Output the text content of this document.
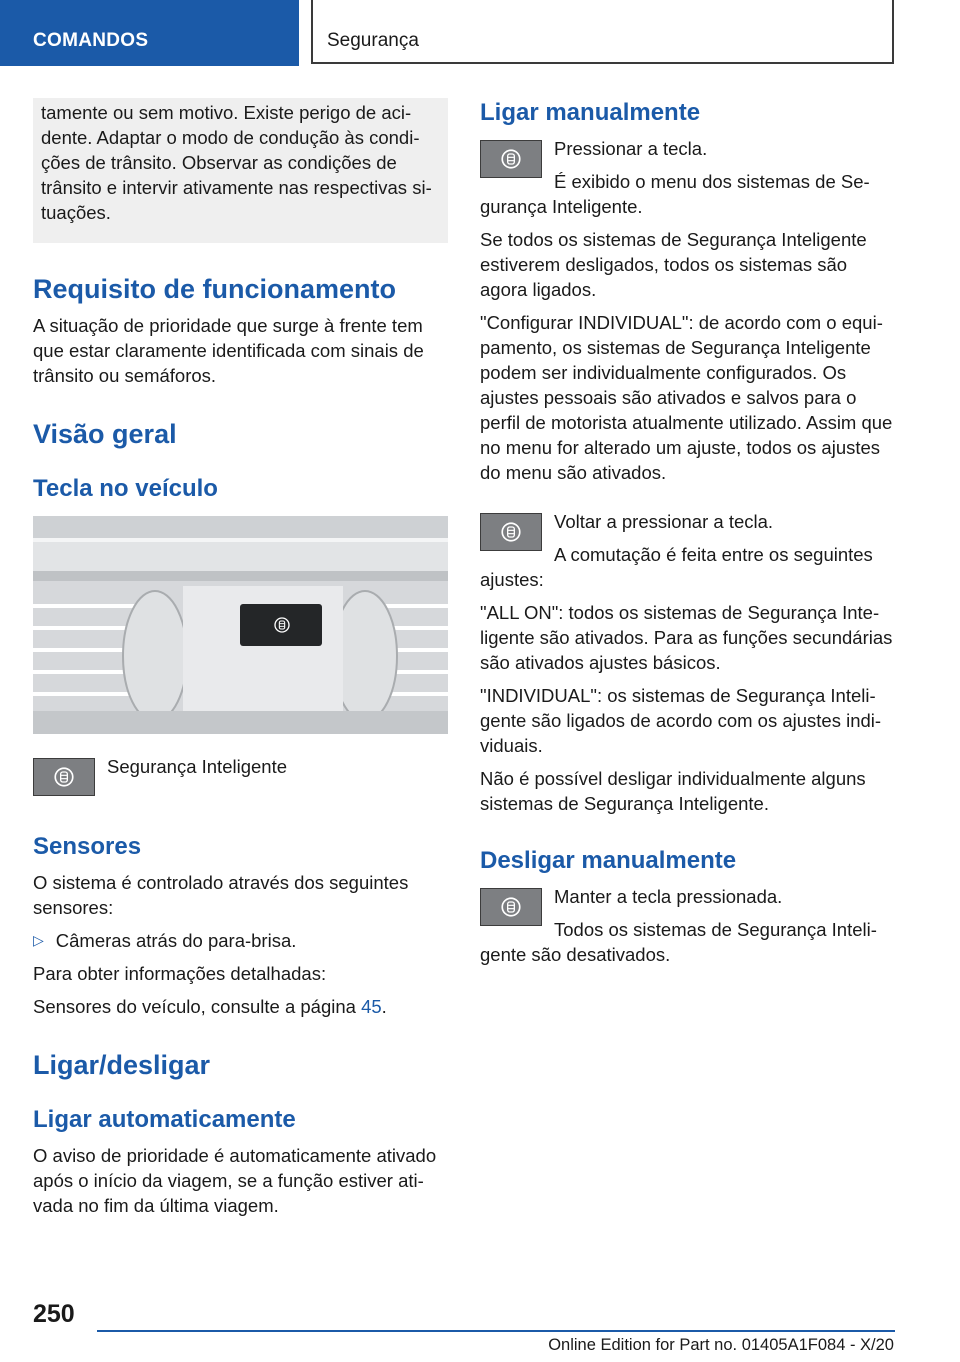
COMANDOS	Segurança

tamente ou sem motivo. Existe perigo de acidente. Adaptar o modo de condução às condições de trânsito. Observar as condições de trânsito e intervir ativamente nas respectivas situações.

Requisito de funcionamento

A situação de prioridade que surge à frente tem que estar claramente identificada com sinais de trânsito ou semáforos.

Visão geral
Tecla no veículo

Segurança Inteligente

Sensores

O sistema é controlado através dos seguintes sensores:

▷ Câmeras atrás do para-brisa.

Para obter informações detalhadas:

Sensores do veículo, consulte a página 45.

Ligar/desligar
Ligar automaticamente

O aviso de prioridade é automaticamente ativado após o início da viagem, se a função estiver ativada no fim da última viagem.

Ligar manualmente

Pressionar a tecla.

É exibido o menu dos sistemas de Segurança Inteligente.

Se todos os sistemas de Segurança Inteligente estiverem desligados, todos os sistemas são agora ligados.

"Configurar INDIVIDUAL": de acordo com o equipamento, os sistemas de Segurança Inteligente podem ser individualmente configurados. Os ajustes pessoais são ativados e salvos para o perfil de motorista atualmente utilizado. Assim que no menu for alterado um ajuste, todos os ajustes do menu são ativados.

Voltar a pressionar a tecla.

A comutação é feita entre os seguintes ajustes:

"ALL ON": todos os sistemas de Segurança Inteligente são ativados. Para as funções secundárias são ativados ajustes básicos.

"INDIVIDUAL": os sistemas de Segurança Inteligente são ligados de acordo com os ajustes individuais.

Não é possível desligar individualmente alguns sistemas de Segurança Inteligente.

Desligar manualmente

Manter a tecla pressionada.

Todos os sistemas de Segurança Inteligente são desativados.

250
Online Edition for Part no. 01405A1F084 - X/20
